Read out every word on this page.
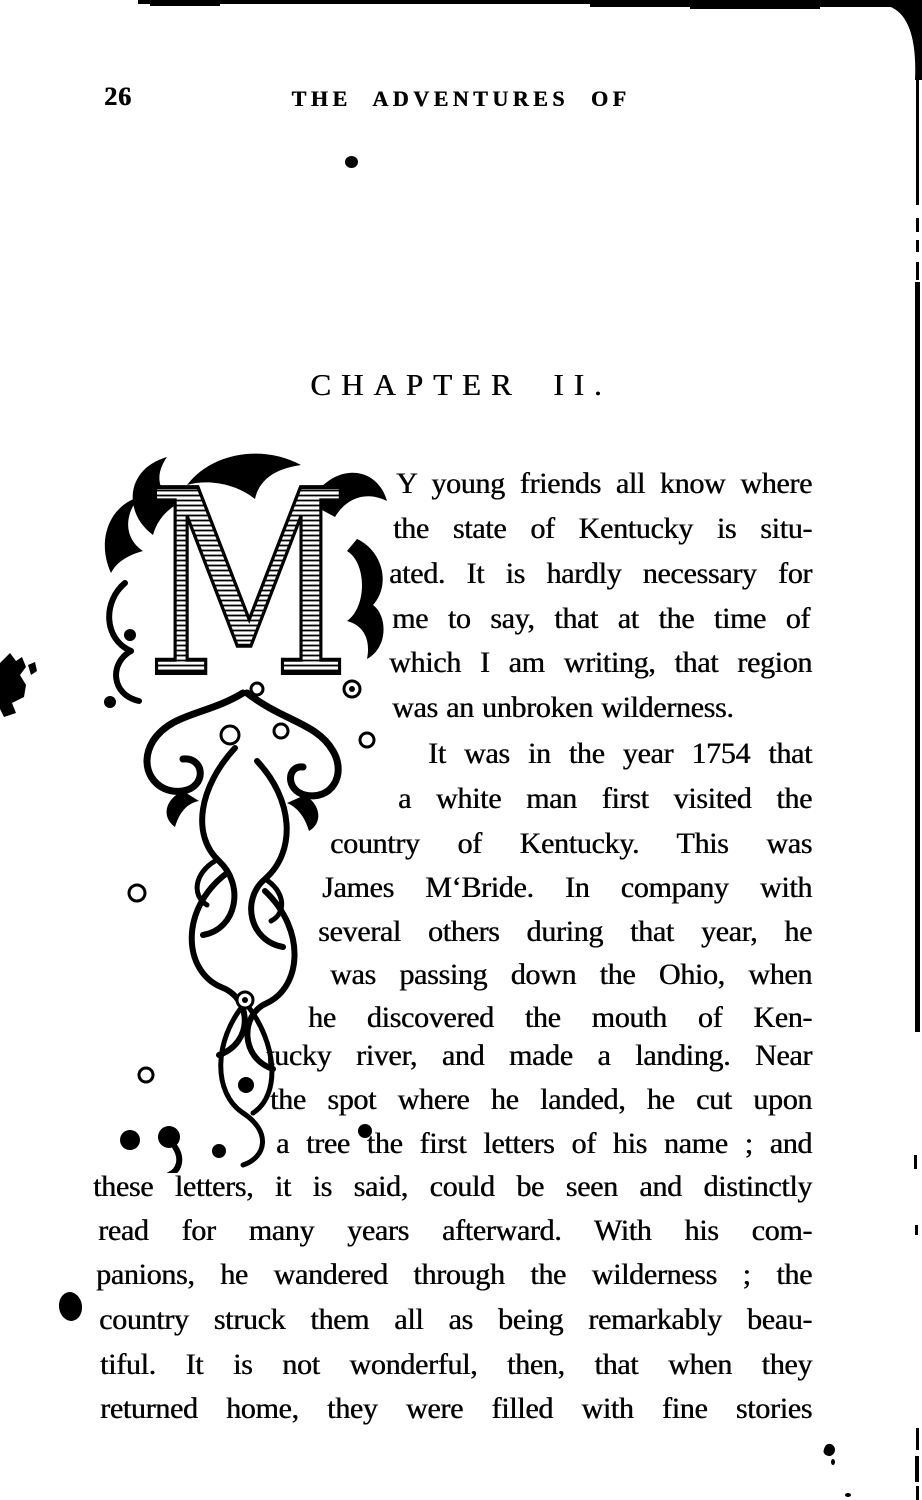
26	THE ADVENTURES OF
CHAPTER II.
M Y young friends all know where
the state of Kentucky is situ-
ated. It is hardly necessary for
me to say, that at the time of
which I am writing, that region
was an unbroken wilderness.
It was in the year 1754 that
a white man first visited the
country of Kentucky. This was
James M‘Bride. In company with
several others during that year, he
was passing down the Ohio, when
he discovered the mouth of Ken-
tucky river, and made a landing. Near
the spot where he landed, he cut upon
a tree the first letters of his name ; and
these letters, it is said, could be seen and distinctly
read for many years afterward. With his com-
panions, he wandered through the wilderness ; the
country struck them all as being remarkably beau-
tiful. It is not wonderful, then, that when they
returned home, they were filled with fine stories
